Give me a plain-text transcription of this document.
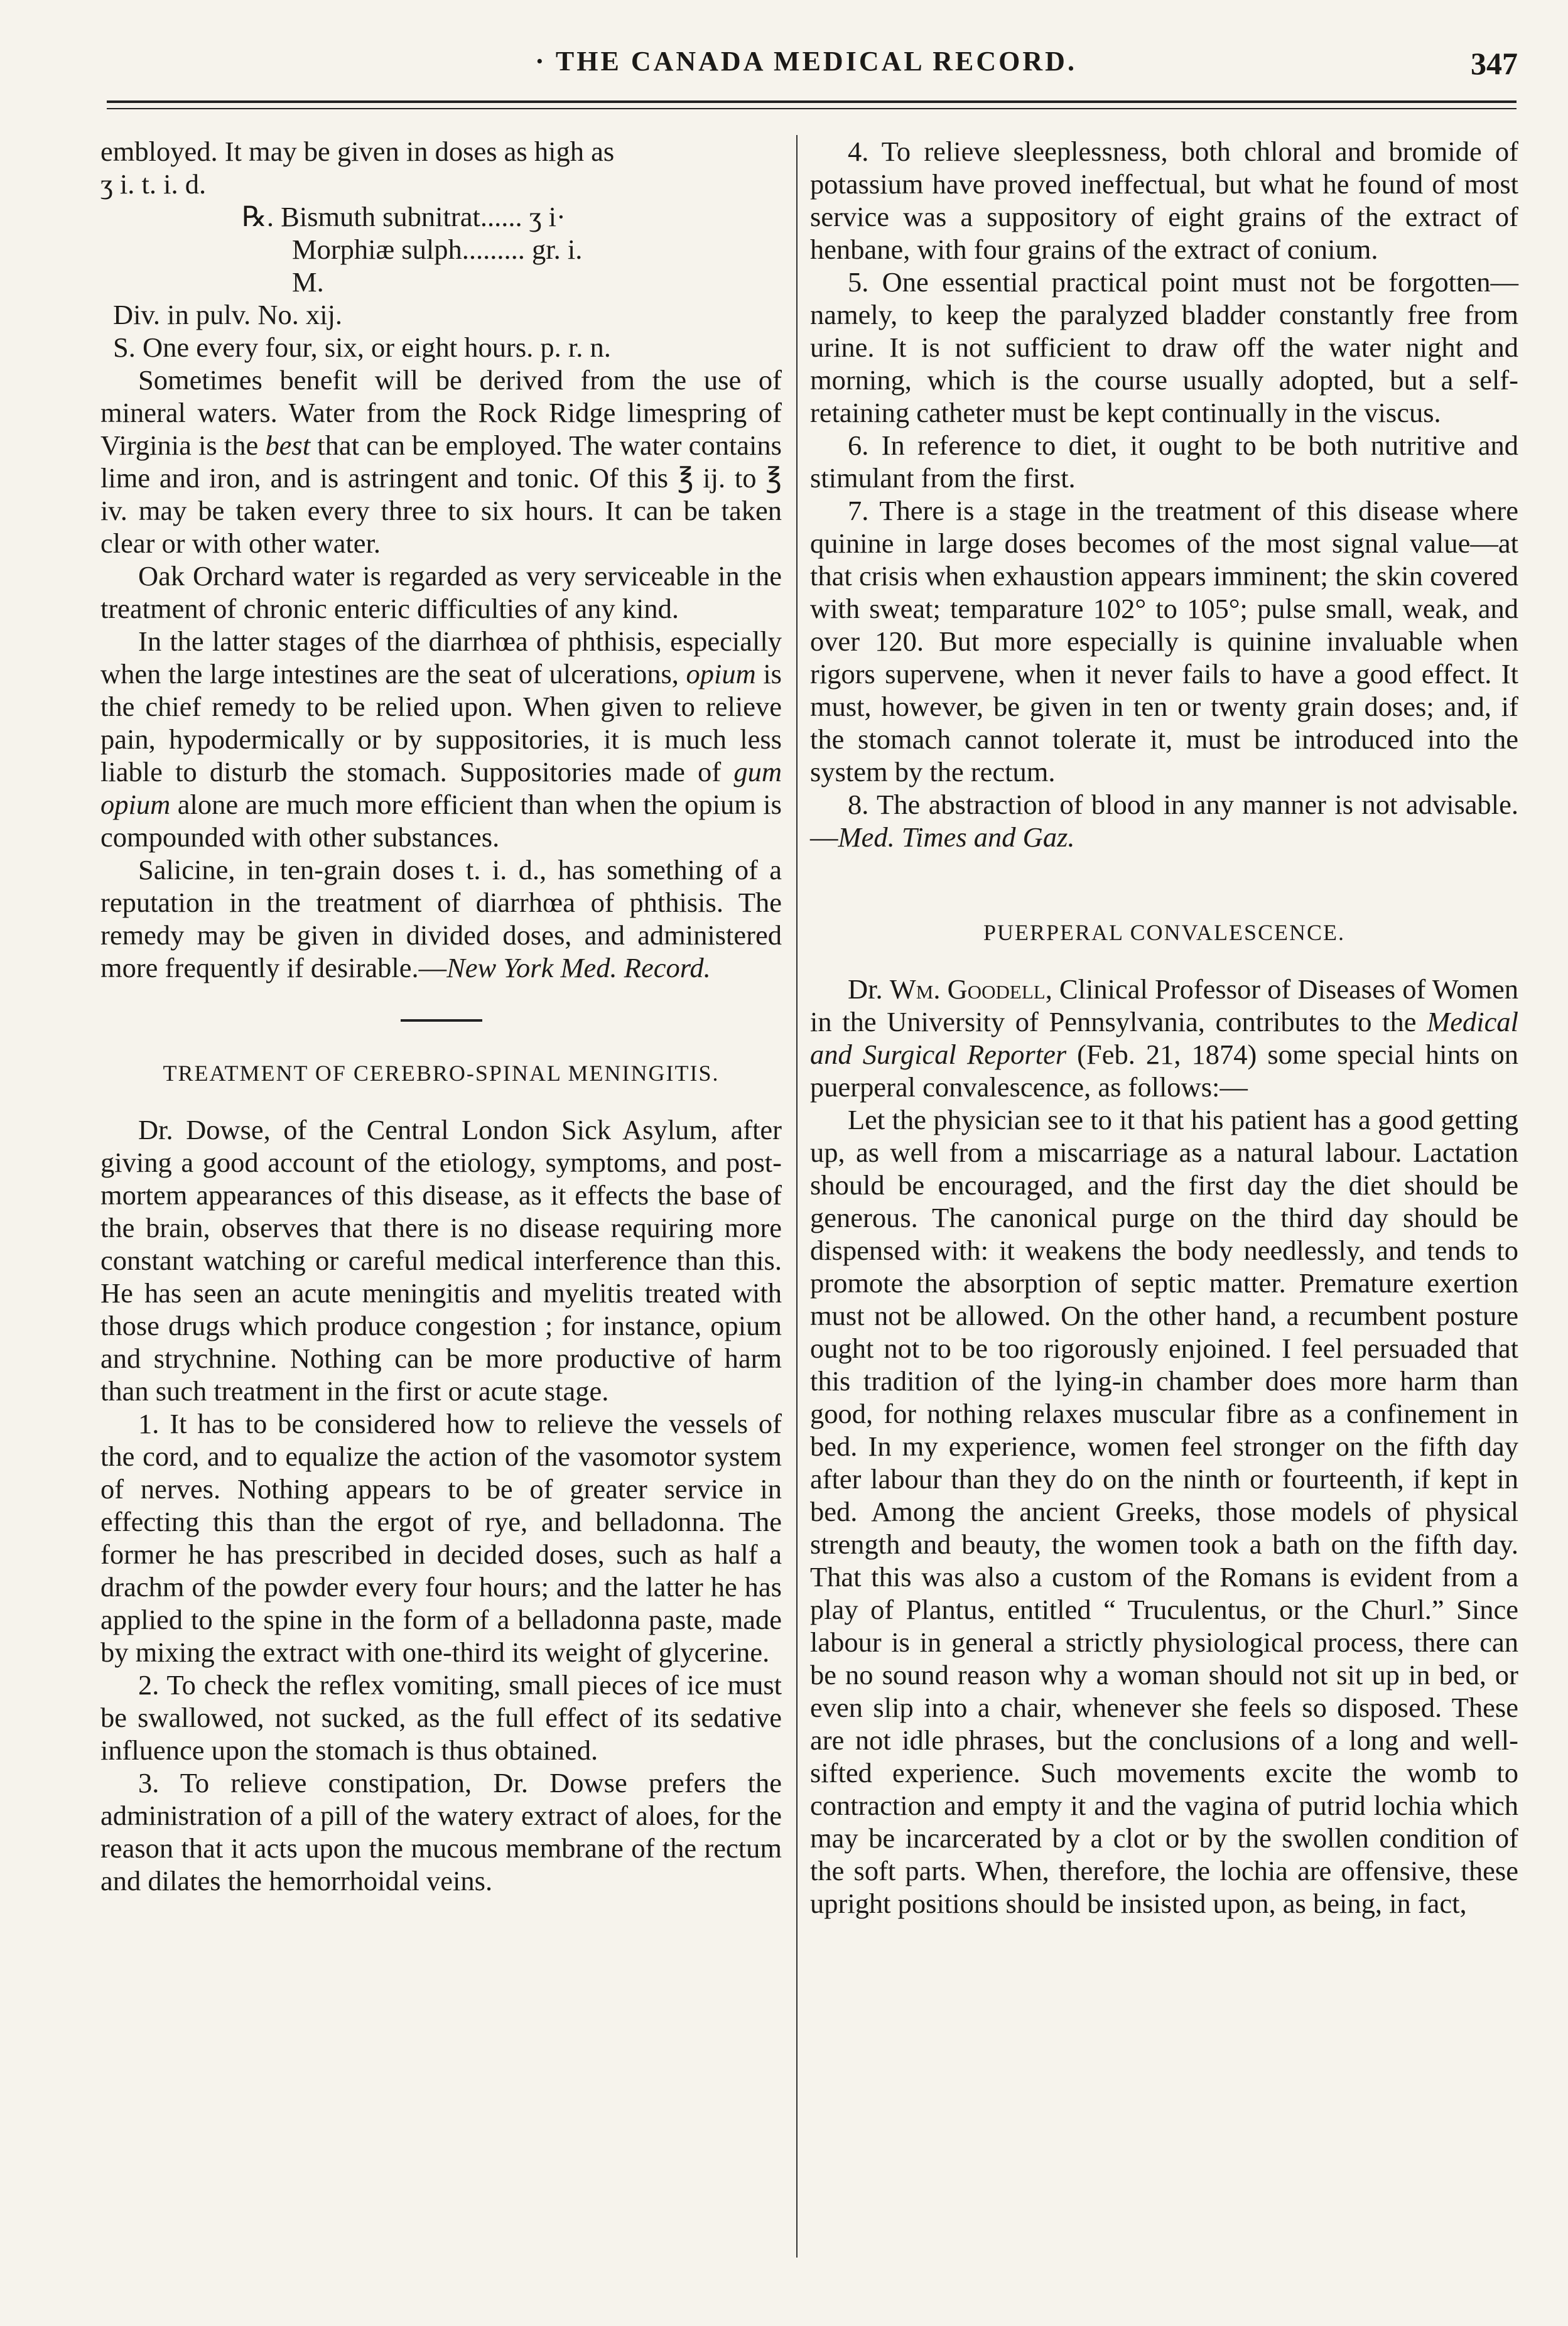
· THE CANADA MEDICAL RECORD.	347

embloyed. It may be given in doses as high as

ʒ i. t. i. d.

℞. Bismuth subnitrat...... ʒ i·

Morphiæ sulph......... gr. i.

M.

Div. in pulv. No. xij.

S. One every four, six, or eight hours. p. r. n.

Sometimes benefit will be derived from the use of mineral waters. Water from the Rock Ridge limespring of Virginia is the best that can be employed. The water contains lime and iron, and is astringent and tonic. Of this ℥ ij. to ℥ iv. may be taken every three to six hours. It can be taken clear or with other water.

Oak Orchard water is regarded as very serviceable in the treatment of chronic enteric difficulties of any kind.

In the latter stages of the diarrhœa of phthisis, especially when the large intestines are the seat of ulcerations, opium is the chief remedy to be relied upon. When given to relieve pain, hypodermically or by suppositories, it is much less liable to disturb the stomach. Suppositories made of gum opium alone are much more efficient than when the opium is compounded with other substances.

Salicine, in ten-grain doses t. i. d., has something of a reputation in the treatment of diarrhœa of phthisis. The remedy may be given in divided doses, and administered more frequently if desirable.—New York Med. Record.

TREATMENT OF CEREBRO-SPINAL MENINGITIS.

Dr. Dowse, of the Central London Sick Asylum, after giving a good account of the etiology, symptoms, and post-mortem appearances of this disease, as it effects the base of the brain, observes that there is no disease requiring more constant watching or careful medical interference than this. He has seen an acute meningitis and myelitis treated with those drugs which produce congestion ; for instance, opium and strychnine. Nothing can be more productive of harm than such treatment in the first or acute stage.

1. It has to be considered how to relieve the vessels of the cord, and to equalize the action of the vasomotor system of nerves. Nothing appears to be of greater service in effecting this than the ergot of rye, and belladonna. The former he has prescribed in decided doses, such as half a drachm of the powder every four hours; and the latter he has applied to the spine in the form of a belladonna paste, made by mixing the extract with one-third its weight of glycerine.

2. To check the reflex vomiting, small pieces of ice must be swallowed, not sucked, as the full effect of its sedative influence upon the stomach is thus obtained.

3. To relieve constipation, Dr. Dowse prefers the administration of a pill of the watery extract of aloes, for the reason that it acts upon the mucous membrane of the rectum and dilates the hemorrhoidal veins.

4. To relieve sleeplessness, both chloral and bromide of potassium have proved ineffectual, but what he found of most service was a suppository of eight grains of the extract of henbane, with four grains of the extract of conium.

5. One essential practical point must not be forgotten—namely, to keep the paralyzed bladder constantly free from urine. It is not sufficient to draw off the water night and morning, which is the course usually adopted, but a self-retaining catheter must be kept continually in the viscus.

6. In reference to diet, it ought to be both nutritive and stimulant from the first.

7. There is a stage in the treatment of this disease where quinine in large doses becomes of the most signal value—at that crisis when exhaustion appears imminent; the skin covered with sweat; temparature 102° to 105°; pulse small, weak, and over 120. But more especially is quinine invaluable when rigors supervene, when it never fails to have a good effect. It must, however, be given in ten or twenty grain doses; and, if the stomach cannot tolerate it, must be introduced into the system by the rectum.

8. The abstraction of blood in any manner is not advisable.—Med. Times and Gaz.

PUERPERAL CONVALESCENCE.

Dr. Wm. Goodell, Clinical Professor of Diseases of Women in the University of Pennsylvania, contributes to the Medical and Surgical Reporter (Feb. 21, 1874) some special hints on puerperal convalescence, as follows:—

Let the physician see to it that his patient has a good getting up, as well from a miscarriage as a natural labour. Lactation should be encouraged, and the first day the diet should be generous. The canonical purge on the third day should be dispensed with: it weakens the body needlessly, and tends to promote the absorption of septic matter. Premature exertion must not be allowed. On the other hand, a recumbent posture ought not to be too rigorously enjoined. I feel persuaded that this tradition of the lying-in chamber does more harm than good, for nothing relaxes muscular fibre as a confinement in bed. In my experience, women feel stronger on the fifth day after labour than they do on the ninth or fourteenth, if kept in bed. Among the ancient Greeks, those models of physical strength and beauty, the women took a bath on the fifth day. That this was also a custom of the Romans is evident from a play of Plantus, entitled “ Truculentus, or the Churl.” Since labour is in general a strictly physiological process, there can be no sound reason why a woman should not sit up in bed, or even slip into a chair, whenever she feels so disposed. These are not idle phrases, but the conclusions of a long and well-sifted experience. Such movements excite the womb to contraction and empty it and the vagina of putrid lochia which may be incarcerated by a clot or by the swollen condition of the soft parts. When, therefore, the lochia are offensive, these upright positions should be insisted upon, as being, in fact,
